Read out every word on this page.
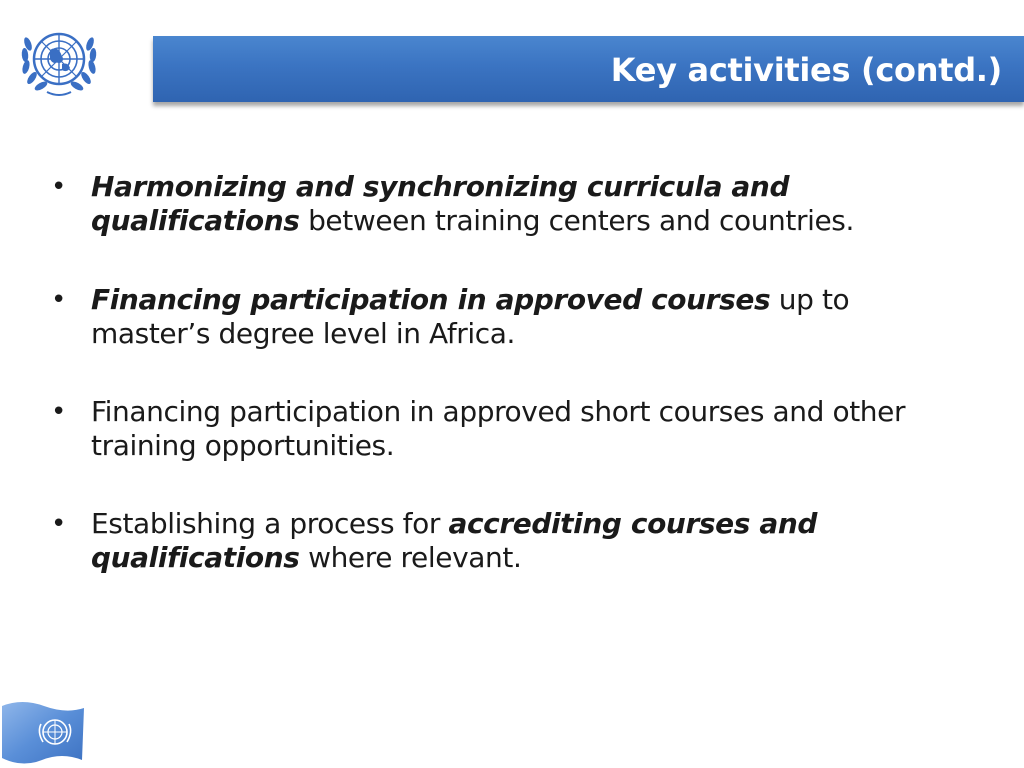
Key activities (contd.)
• Harmonizing and synchronizing curricula and qualifications between training centers and countries.
• Financing participation in approved courses up to master’s degree level in Africa.
• Financing participation in approved short courses and other training opportunities.
• Establishing a process for accrediting courses and qualifications where relevant.
